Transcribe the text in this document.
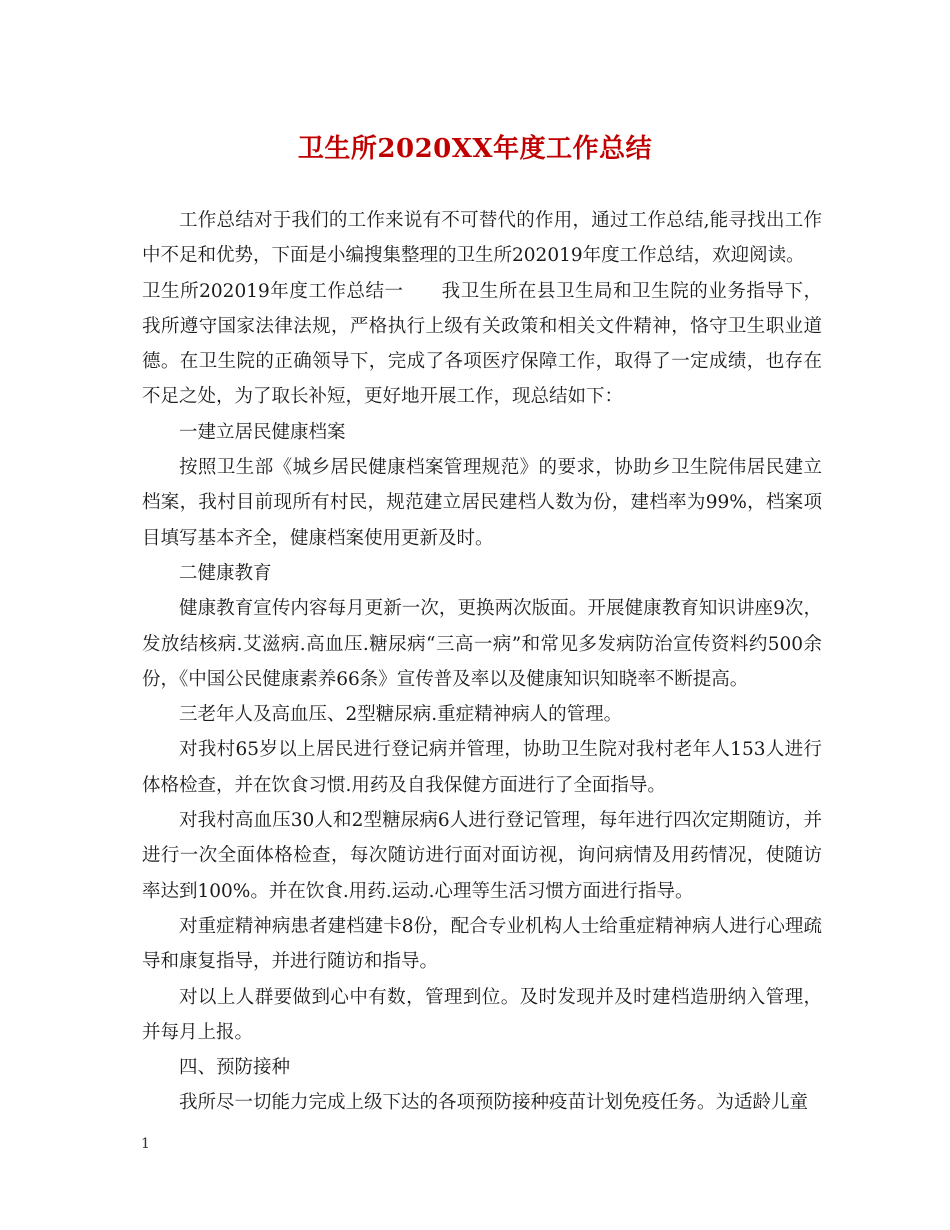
卫生所2020XX年度工作总结

工作总结对于我们的工作来说有不可替代的作用，通过工作总结,能寻找出工作中不足和优势，下面是小编搜集整理的卫生所202019年度工作总结，欢迎阅读。

卫生所202019年度工作总结一　　我卫生所在县卫生局和卫生院的业务指导下，我所遵守国家法律法规，严格执行上级有关政策和相关文件精神，恪守卫生职业道德。在卫生院的正确领导下，完成了各项医疗保障工作，取得了一定成绩，也存在不足之处，为了取长补短，更好地开展工作，现总结如下：

一建立居民健康档案

按照卫生部《城乡居民健康档案管理规范》的要求，协助乡卫生院伟居民建立档案，我村目前现所有村民，规范建立居民建档人数为份，建档率为99%，档案项目填写基本齐全，健康档案使用更新及时。

二健康教育

健康教育宣传内容每月更新一次，更换两次版面。开展健康教育知识讲座9次，发放结核病.艾滋病.高血压.糖尿病“三高一病”和常见多发病防治宣传资料约500余份，《中国公民健康素养66条》宣传普及率以及健康知识知晓率不断提高。

三老年人及高血压、2型糖尿病.重症精神病人的管理。

对我村65岁以上居民进行登记病并管理，协助卫生院对我村老年人153人进行体格检查，并在饮食习惯.用药及自我保健方面进行了全面指导。

对我村高血压30人和2型糖尿病6人进行登记管理，每年进行四次定期随访，并进行一次全面体格检查，每次随访进行面对面访视，询问病情及用药情况，使随访率达到100%。并在饮食.用药.运动.心理等生活习惯方面进行指导。

对重症精神病患者建档建卡8份，配合专业机构人士给重症精神病人进行心理疏导和康复指导，并进行随访和指导。

对以上人群要做到心中有数，管理到位。及时发现并及时建档造册纳入管理，并每月上报。

四、预防接种

我所尽一切能力完成上级下达的各项预防接种疫苗计划免疫任务。为适龄儿童

1
